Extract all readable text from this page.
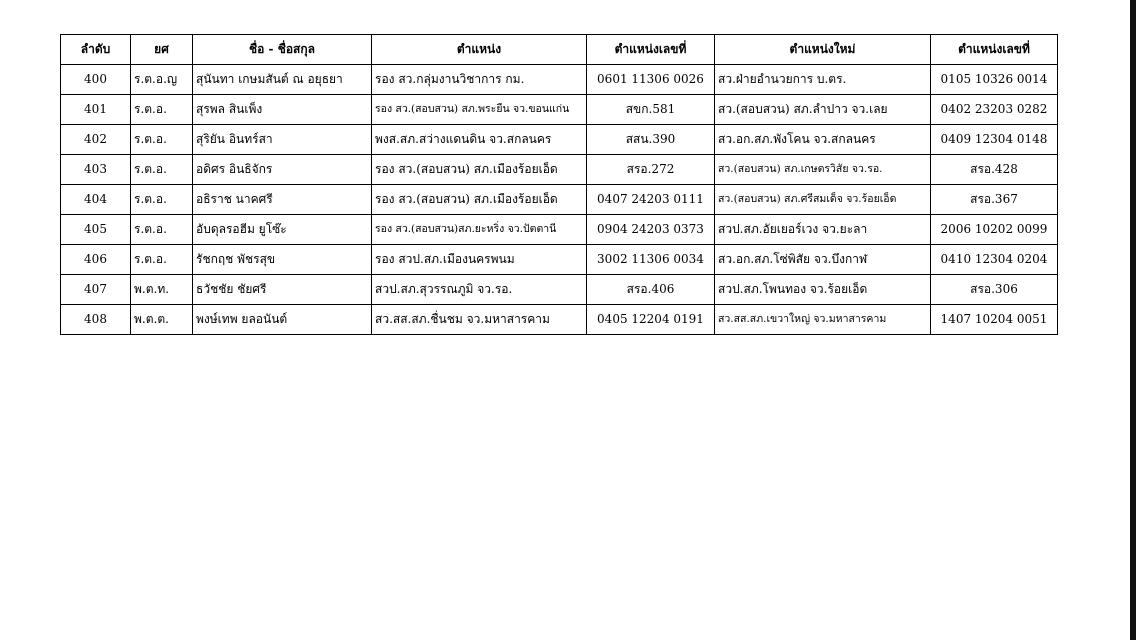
ลำดับ	ยศ	ชื่อ - ชื่อสกุล	ตำแหน่ง	ตำแหน่งเลขที่	ตำแหน่งใหม่	ตำแหน่งเลขที่
400	ร.ต.อ.ญ	สุนันทา เกษมสันต์ ณ อยุธยา	รอง สว.กลุ่มงานวิชาการ กม.	0601 11306 0026	สว.ฝ่ายอำนวยการ บ.ตร.	0105 10326 0014
401	ร.ต.อ.	สุรพล สินเพ็ง	รอง สว.(สอบสวน) สภ.พระยืน จว.ขอนแก่น	สขก.581	สว.(สอบสวน) สภ.ลำปาว จว.เลย	0402 23203 0282
402	ร.ต.อ.	สุริยัน อินทร์สา	พงส.สภ.สว่างแดนดิน จว.สกลนคร	สสน.390	สว.อก.สภ.พังโคน จว.สกลนคร	0409 12304 0148
403	ร.ต.อ.	อดิศร อินธิจักร	รอง สว.(สอบสวน) สภ.เมืองร้อยเอ็ด	สรอ.272	สว.(สอบสวน) สภ.เกษตรวิสัย จว.รอ.	สรอ.428
404	ร.ต.อ.	อธิราช นาคศรี	รอง สว.(สอบสวน) สภ.เมืองร้อยเอ็ด	0407 24203 0111	สว.(สอบสวน) สภ.ศรีสมเด็จ จว.ร้อยเอ็ด	สรอ.367
405	ร.ต.อ.	อับดุลรอฮีม ยูโซ๊ะ	รอง สว.(สอบสวน)สภ.ยะหริ่ง จว.ปัตตานี	0904 24203 0373	สวป.สภ.อัยเยอร์เวง จว.ยะลา	2006 10202 0099
406	ร.ต.อ.	รัชกฤช พัชรสุข	รอง สวป.สภ.เมืองนครพนม	3002 11306 0034	สว.อก.สภ.โซ่พิสัย จว.บึงกาฬ	0410 12304 0204
407	พ.ต.ท.	ธวัชชัย ชัยศรี	สวป.สภ.สุวรรณภูมิ จว.รอ.	สรอ.406	สวป.สภ.โพนทอง จว.ร้อยเอ็ด	สรอ.306
408	พ.ต.ต.	พงษ์เทพ ยลอนันต์	สว.สส.สภ.ชื่นชม จว.มหาสารคาม	0405 12204 0191	สว.สส.สภ.เขวาใหญ่ จว.มหาสารคาม	1407 10204 0051
